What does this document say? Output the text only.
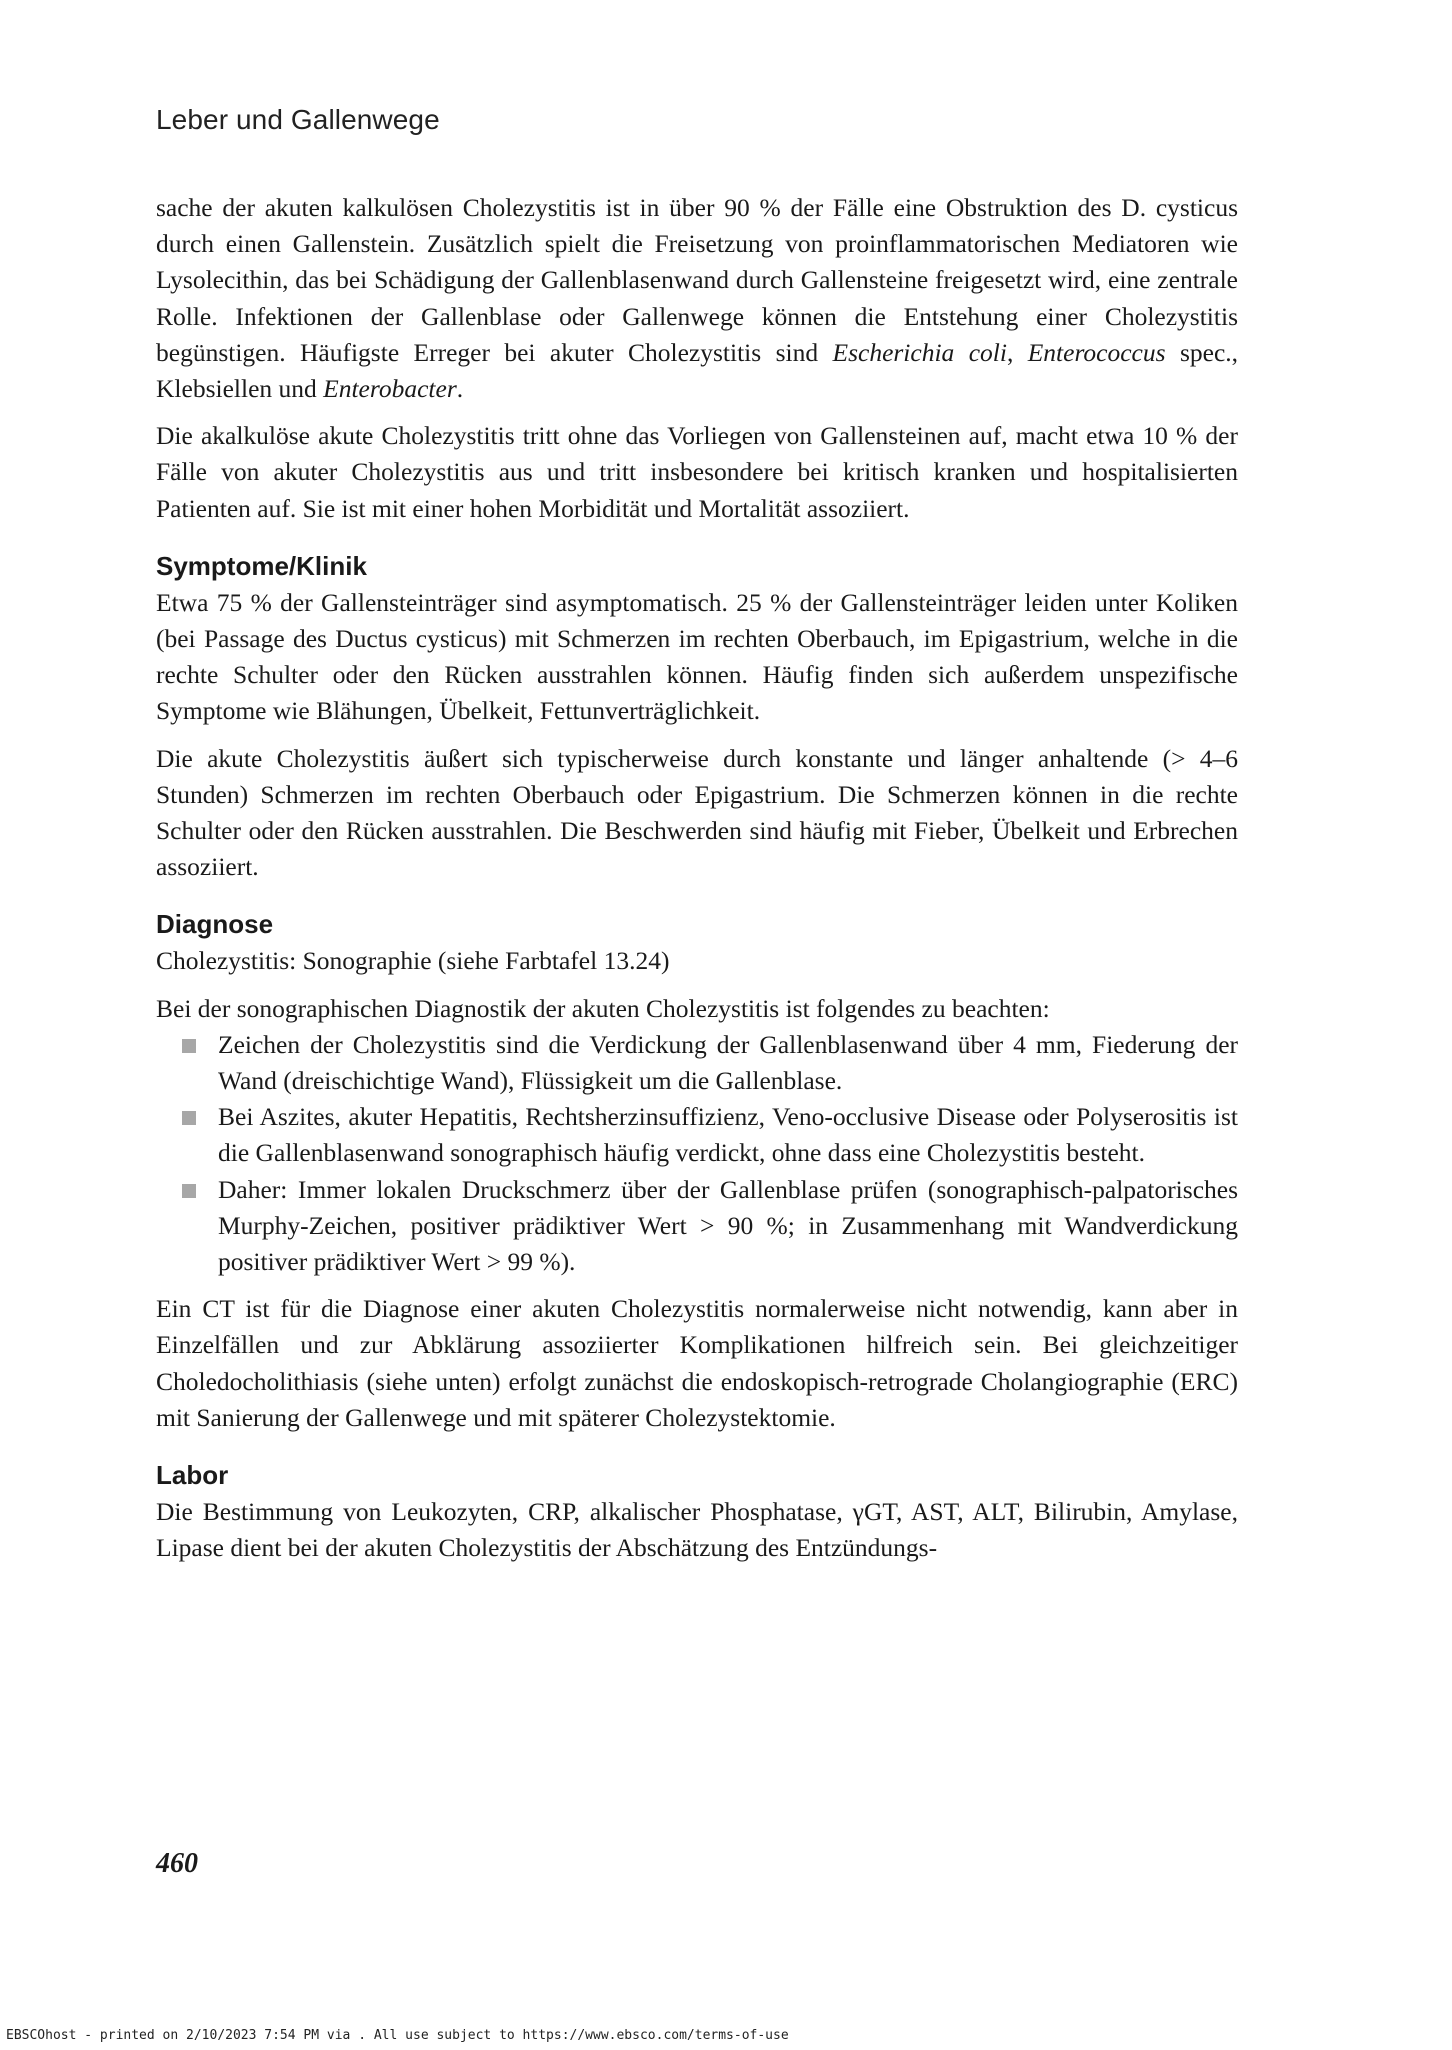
Leber und Gallenwege

sache der akuten kalkulösen Cholezystitis ist in über 90 % der Fälle eine Obstruktion des D. cysticus durch einen Gallenstein. Zusätzlich spielt die Freisetzung von proinflammatorischen Mediatoren wie Lysolecithin, das bei Schädigung der Gallenblasenwand durch Gallensteine freigesetzt wird, eine zentrale Rolle. Infektionen der Gallenblase oder Gallenwege können die Entstehung einer Cholezystitis begünstigen. Häufigste Erreger bei akuter Cholezystitis sind Escherichia coli, Enterococcus spec., Klebsiellen und Enterobacter.

Die akalkulöse akute Cholezystitis tritt ohne das Vorliegen von Gallensteinen auf, macht etwa 10 % der Fälle von akuter Cholezystitis aus und tritt insbesondere bei kritisch kranken und hospitalisierten Patienten auf. Sie ist mit einer hohen Morbidität und Mortalität assoziiert.

Symptome/Klinik

Etwa 75 % der Gallensteinträger sind asymptomatisch. 25 % der Gallensteinträger leiden unter Koliken (bei Passage des Ductus cysticus) mit Schmerzen im rechten Oberbauch, im Epigastrium, welche in die rechte Schulter oder den Rücken ausstrahlen können. Häufig finden sich außerdem unspezifische Symptome wie Blähungen, Übelkeit, Fettunverträglichkeit.

Die akute Cholezystitis äußert sich typischerweise durch konstante und länger anhaltende (> 4–6 Stunden) Schmerzen im rechten Oberbauch oder Epigastrium. Die Schmerzen können in die rechte Schulter oder den Rücken ausstrahlen. Die Beschwerden sind häufig mit Fieber, Übelkeit und Erbrechen assoziiert.

Diagnose

Cholezystitis: Sonographie (siehe Farbtafel 13.24)

Bei der sonographischen Diagnostik der akuten Cholezystitis ist folgendes zu beachten:

Zeichen der Cholezystitis sind die Verdickung der Gallenblasenwand über 4 mm, Fiederung der Wand (dreischichtige Wand), Flüssigkeit um die Gallenblase.
Bei Aszites, akuter Hepatitis, Rechtsherzinsuffizienz, Veno-occlusive Disease oder Polyserositis ist die Gallenblasenwand sonographisch häufig verdickt, ohne dass eine Cholezystitis besteht.
Daher: Immer lokalen Druckschmerz über der Gallenblase prüfen (sonographisch-palpatorisches Murphy-Zeichen, positiver prädiktiver Wert > 90 %; in Zusammenhang mit Wandverdickung positiver prädiktiver Wert > 99 %).

Ein CT ist für die Diagnose einer akuten Cholezystitis normalerweise nicht notwendig, kann aber in Einzelfällen und zur Abklärung assoziierter Komplikationen hilfreich sein. Bei gleichzeitiger Choledocholithiasis (siehe unten) erfolgt zunächst die endoskopisch-retrograde Cholangiographie (ERC) mit Sanierung der Gallenwege und mit späterer Cholezystektomie.

Labor

Die Bestimmung von Leukozyten, CRP, alkalischer Phosphatase, γGT, AST, ALT, Bilirubin, Amylase, Lipase dient bei der akuten Cholezystitis der Abschätzung des Entzündungs-

460
EBSCOhost - printed on 2/10/2023 7:54 PM via . All use subject to https://www.ebsco.com/terms-of-use
